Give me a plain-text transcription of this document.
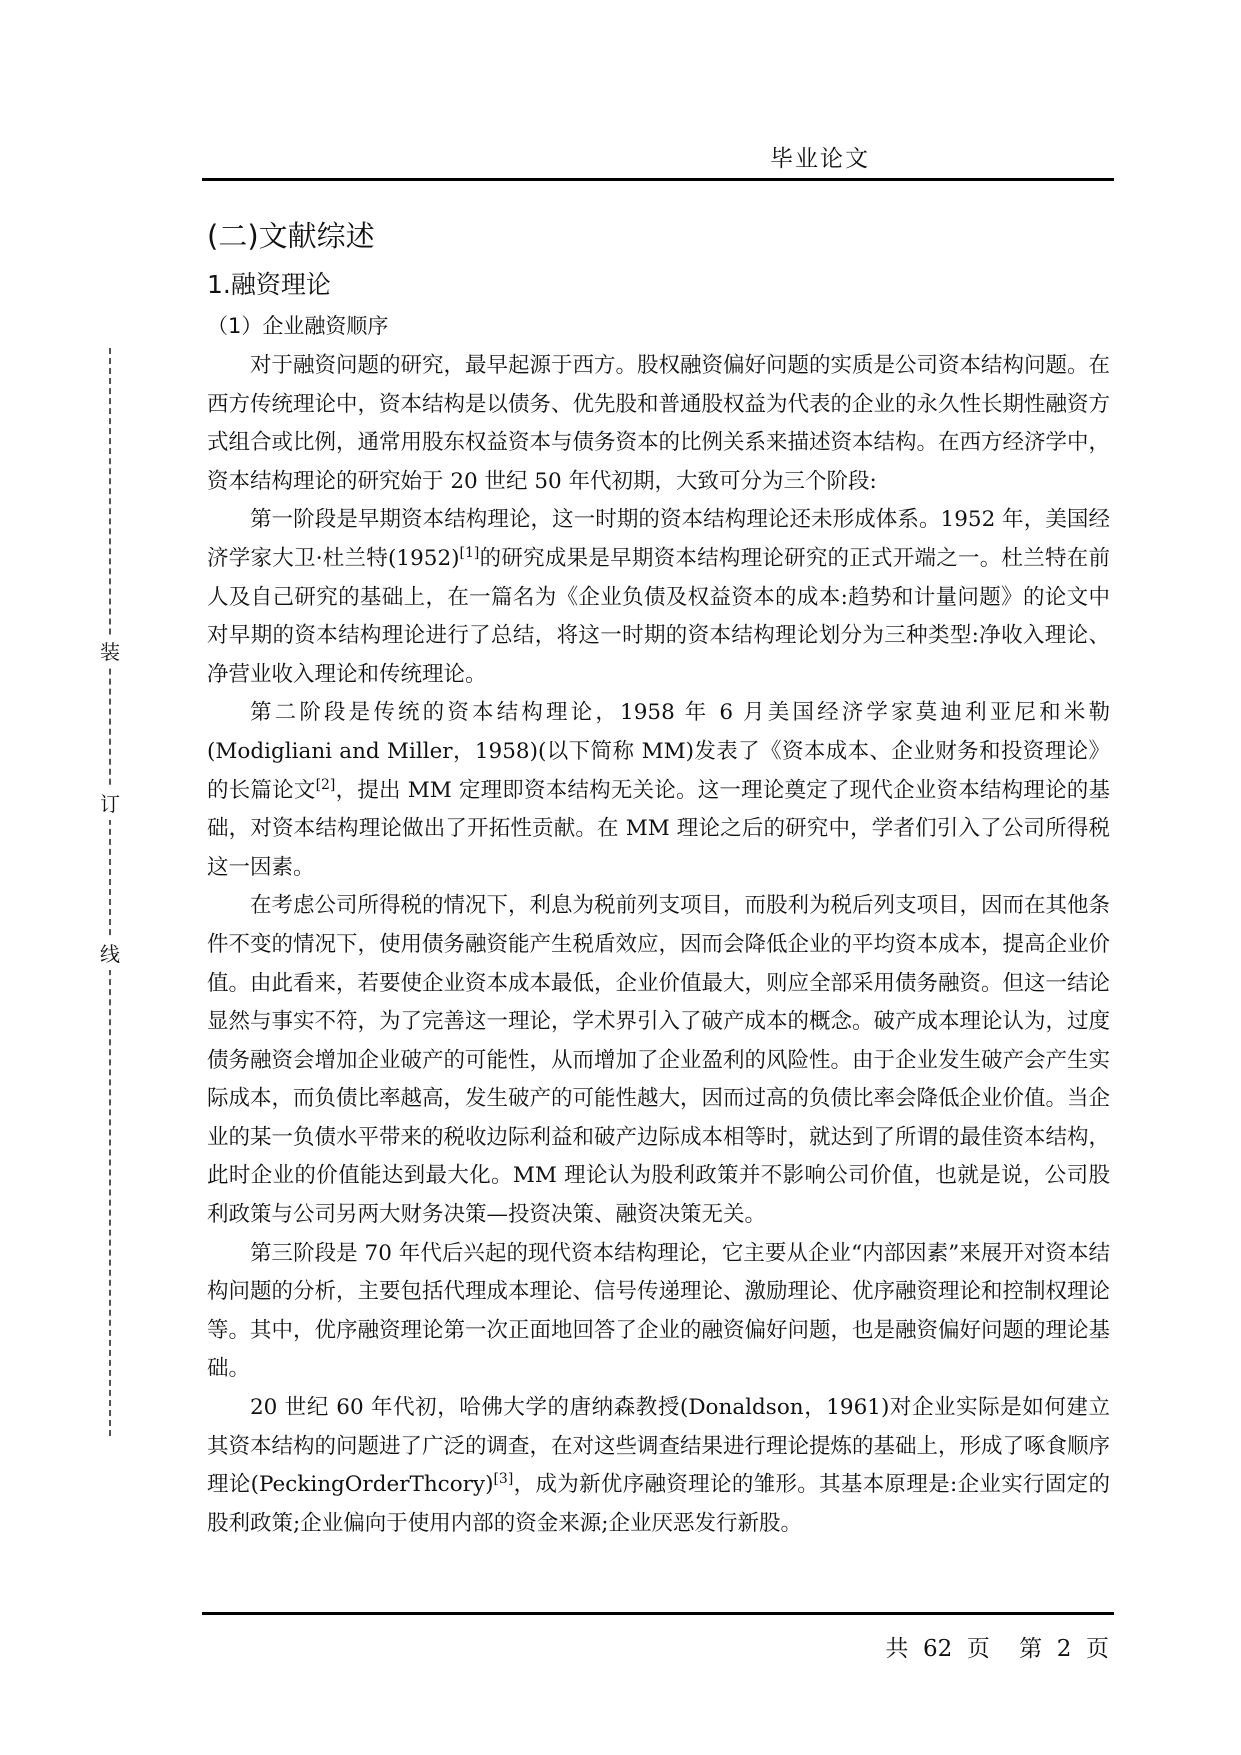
毕业论文
装
订
线
(二)文献综述
1.融资理论
（1）企业融资顺序

对于融资问题的研究，最早起源于西方。股权融资偏好问题的实质是公司资本结构问题。在西方传统理论中，资本结构是以债务、优先股和普通股权益为代表的企业的永久性长期性融资方式组合或比例，通常用股东权益资本与债务资本的比例关系来描述资本结构。在西方经济学中，资本结构理论的研究始于 20 世纪 50 年代初期，大致可分为三个阶段:

第一阶段是早期资本结构理论，这一时期的资本结构理论还未形成体系。1952 年，美国经济学家大卫·杜兰特(1952)[1]的研究成果是早期资本结构理论研究的正式开端之一。杜兰特在前人及自己研究的基础上，在一篇名为《企业负债及权益资本的成本:趋势和计量问题》的论文中对早期的资本结构理论进行了总结，将这一时期的资本结构理论划分为三种类型:净收入理论、净营业收入理论和传统理论。

第二阶段是传统的资本结构理论，1958 年 6 月美国经济学家莫迪利亚尼和米勒(Modigliani and Miller，1958)(以下简称 MM)发表了《资本成本、企业财务和投资理论》的长篇论文[2]，提出 MM 定理即资本结构无关论。这一理论奠定了现代企业资本结构理论的基础，对资本结构理论做出了开拓性贡献。在 MM 理论之后的研究中，学者们引入了公司所得税这一因素。

在考虑公司所得税的情况下，利息为税前列支项目，而股利为税后列支项目，因而在其他条件不变的情况下，使用债务融资能产生税盾效应，因而会降低企业的平均资本成本，提高企业价值。由此看来，若要使企业资本成本最低，企业价值最大，则应全部采用债务融资。但这一结论显然与事实不符，为了完善这一理论，学术界引入了破产成本的概念。破产成本理论认为，过度债务融资会增加企业破产的可能性，从而增加了企业盈利的风险性。由于企业发生破产会产生实际成本，而负债比率越高，发生破产的可能性越大，因而过高的负债比率会降低企业价值。当企业的某一负债水平带来的税收边际利益和破产边际成本相等时，就达到了所谓的最佳资本结构，此时企业的价值能达到最大化。MM 理论认为股利政策并不影响公司价值，也就是说，公司股利政策与公司另两大财务决策—投资决策、融资决策无关。

第三阶段是 70 年代后兴起的现代资本结构理论，它主要从企业“内部因素”来展开对资本结构问题的分析，主要包括代理成本理论、信号传递理论、激励理论、优序融资理论和控制权理论等。其中，优序融资理论第一次正面地回答了企业的融资偏好问题，也是融资偏好问题的理论基础。

20 世纪 60 年代初，哈佛大学的唐纳森教授(Donaldson，1961)对企业实际是如何建立其资本结构的问题进了广泛的调查，在对这些调查结果进行理论提炼的基础上，形成了啄食顺序理论(PeckingOrderThcory)[3]，成为新优序融资理论的雏形。其基本原理是:企业实行固定的股利政策;企业偏向于使用内部的资金来源;企业厌恶发行新股。

共  62  页    第  2  页
